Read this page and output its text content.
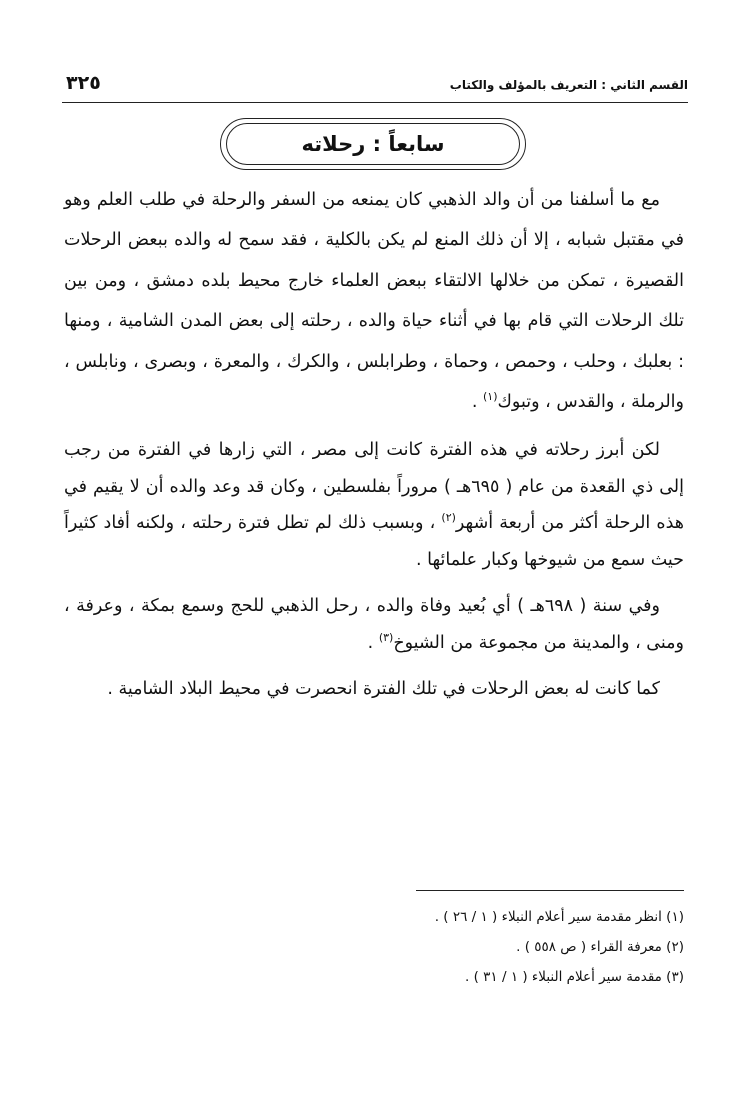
القسم الثاني : التعريف بالمؤلف والكتاب
٣٢٥
سابعاً : رحلاته

مع ما أسلفنا من أن والد الذهبي كان يمنعه من السفر والرحلة في طلب العلم وهو في مقتبل شبابه ، إلا أن ذلك المنع لم يكن بالكلية ، فقد سمح له والده ببعض الرحلات القصيرة ، تمكن من خلالها الالتقاء ببعض العلماء خارج محيط بلده دمشق ، ومن بين تلك الرحلات التي قام بها في أثناء حياة والده ، رحلته إلى بعض المدن الشامية ، ومنها : بعلبك ، وحلب ، وحمص ، وحماة ، وطرابلس ، والكرك ، والمعرة ، وبصرى ، ونابلس ، والرملة ، والقدس ، وتبوك$^{(١)}$ .

لكن أبرز رحلاته في هذه الفترة كانت إلى مصر ، التي زارها في الفترة من رجب إلى ذي القعدة من عام ( ٦٩٥هـ ) مروراً بفلسطين ، وكان قد وعد والده أن لا يقيم في هذه الرحلة أكثر من أربعة أشهر$^{(٢)}$ ، وبسبب ذلك لم تطل فترة رحلته ، ولكنه أفاد كثيراً حيث سمع من شيوخها وكبار علمائها .

وفي سنة ( ٦٩٨هـ ) أي بُعيد وفاة والده ، رحل الذهبي للحج وسمع بمكة ، وعرفة ، ومنى ، والمدينة من مجموعة من الشيوخ$^{(٣)}$ .

كما كانت له بعض الرحلات في تلك الفترة انحصرت في محيط البلاد الشامية .

(١) انظر مقدمة سير أعلام النبلاء ( ١ / ٢٦ ) .
(٢) معرفة القراء ( ص ٥٥٨ ) .
(٣) مقدمة سير أعلام النبلاء ( ١ / ٣١ ) .
